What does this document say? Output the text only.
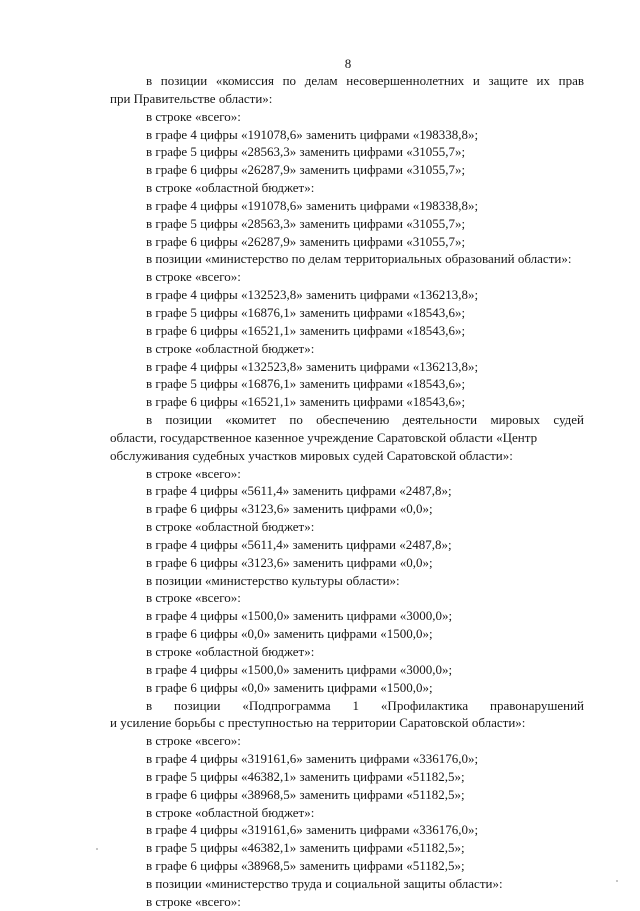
8
в позиции «комиссия по делам несовершеннолетних и защите их прав
при Правительстве области»:
в строке «всего»:
в графе 4 цифры «191078,6» заменить цифрами «198338,8»;
в графе 5 цифры «28563,3» заменить цифрами «31055,7»;
в графе 6 цифры «26287,9» заменить цифрами «31055,7»;
в строке «областной бюджет»:
в графе 4 цифры «191078,6» заменить цифрами «198338,8»;
в графе 5 цифры «28563,3» заменить цифрами «31055,7»;
в графе 6 цифры «26287,9» заменить цифрами «31055,7»;
в позиции «министерство по делам территориальных образований области»:
в строке «всего»:
в графе 4 цифры «132523,8» заменить цифрами «136213,8»;
в графе 5 цифры «16876,1» заменить цифрами «18543,6»;
в графе 6 цифры «16521,1» заменить цифрами «18543,6»;
в строке «областной бюджет»:
в графе 4 цифры «132523,8» заменить цифрами «136213,8»;
в графе 5 цифры «16876,1» заменить цифрами «18543,6»;
в графе 6 цифры «16521,1» заменить цифрами «18543,6»;
в позиции «комитет по обеспечению деятельности мировых судей
области, государственное казенное учреждение Саратовской области «Центр
обслуживания судебных участков мировых судей Саратовской области»:
в строке «всего»:
в графе 4 цифры «5611,4» заменить цифрами «2487,8»;
в графе 6 цифры «3123,6» заменить цифрами «0,0»;
в строке «областной бюджет»:
в графе 4 цифры «5611,4» заменить цифрами «2487,8»;
в графе 6 цифры «3123,6» заменить цифрами «0,0»;
в позиции «министерство культуры области»:
в строке «всего»:
в графе 4 цифры «1500,0» заменить цифрами «3000,0»;
в графе 6 цифры «0,0» заменить цифрами «1500,0»;
в строке «областной бюджет»:
в графе 4 цифры «1500,0» заменить цифрами «3000,0»;
в графе 6 цифры «0,0» заменить цифрами «1500,0»;
в позиции «Подпрограмма 1 «Профилактика правонарушений
и усиление борьбы с преступностью на территории Саратовской области»:
в строке «всего»:
в графе 4 цифры «319161,6» заменить цифрами «336176,0»;
в графе 5 цифры «46382,1» заменить цифрами «51182,5»;
в графе 6 цифры «38968,5» заменить цифрами «51182,5»;
в строке «областной бюджет»:
в графе 4 цифры «319161,6» заменить цифрами «336176,0»;
в графе 5 цифры «46382,1» заменить цифрами «51182,5»;
в графе 6 цифры «38968,5» заменить цифрами «51182,5»;
в позиции «министерство труда и социальной защиты области»:
в строке «всего»:
